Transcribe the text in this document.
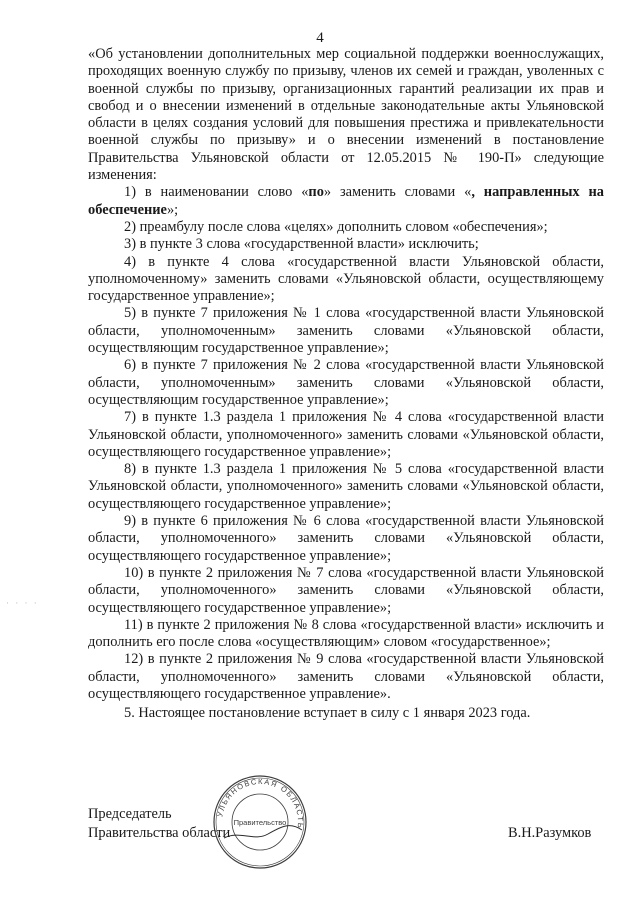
4

«Об установлении дополнительных мер социальной поддержки военнослужащих, проходящих военную службу по призыву, членов их семей и граждан, уволенных с военной службы по призыву, организационных гарантий реализации их прав и свобод и о внесении изменений в отдельные законодательные акты Ульяновской области в целях создания условий для повышения престижа и привлекательности военной службы по призыву» и о внесении изменений в постановление Правительства Ульяновской области от 12.05.2015 № 190-П» следующие изменения:

1) в наименовании слово «по» заменить словами «, направленных на обеспечение»;

2) преамбулу после слова «целях» дополнить словом «обеспечения»;

3) в пункте 3 слова «государственной власти» исключить;

4) в пункте 4 слова «государственной власти Ульяновской области, уполномоченному» заменить словами «Ульяновской области, осуществляющему государственное управление»;

5) в пункте 7 приложения № 1 слова «государственной власти Ульяновской области, уполномоченным» заменить словами «Ульяновской области, осуществляющим государственное управление»;

6) в пункте 7 приложения № 2 слова «государственной власти Ульяновской области, уполномоченным» заменить словами «Ульяновской области, осуществляющим государственное управление»;

7) в пункте 1.3 раздела 1 приложения № 4 слова «государственной власти Ульяновской области, уполномоченного» заменить словами «Ульяновской области, осуществляющего государственное управление»;

8) в пункте 1.3 раздела 1 приложения № 5 слова «государственной власти Ульяновской области, уполномоченного» заменить словами «Ульяновской области, осуществляющего государственное управление»;

9) в пункте 6 приложения № 6 слова «государственной власти Ульяновской области, уполномоченного» заменить словами «Ульяновской области, осуществляющего государственное управление»;

10) в пункте 2 приложения № 7 слова «государственной власти Ульяновской области, уполномоченного» заменить словами «Ульяновской области, осуществляющего государственное управление»;

11) в пункте 2 приложения № 8 слова «государственной власти» исключить и дополнить его после слова «осуществляющим» словом «государственное»;

12) в пункте 2 приложения № 9 слова «государственной власти Ульяновской области, уполномоченного» заменить словами «Ульяновской области, осуществляющего государственное управление».

5. Настоящее постановление вступает в силу с 1 января 2023 года.

· · · ·
УЛЬЯНОВСКАЯ ОБЛАСТЬ
Правительство
Председатель
Правительства области	В.Н.Разумков
